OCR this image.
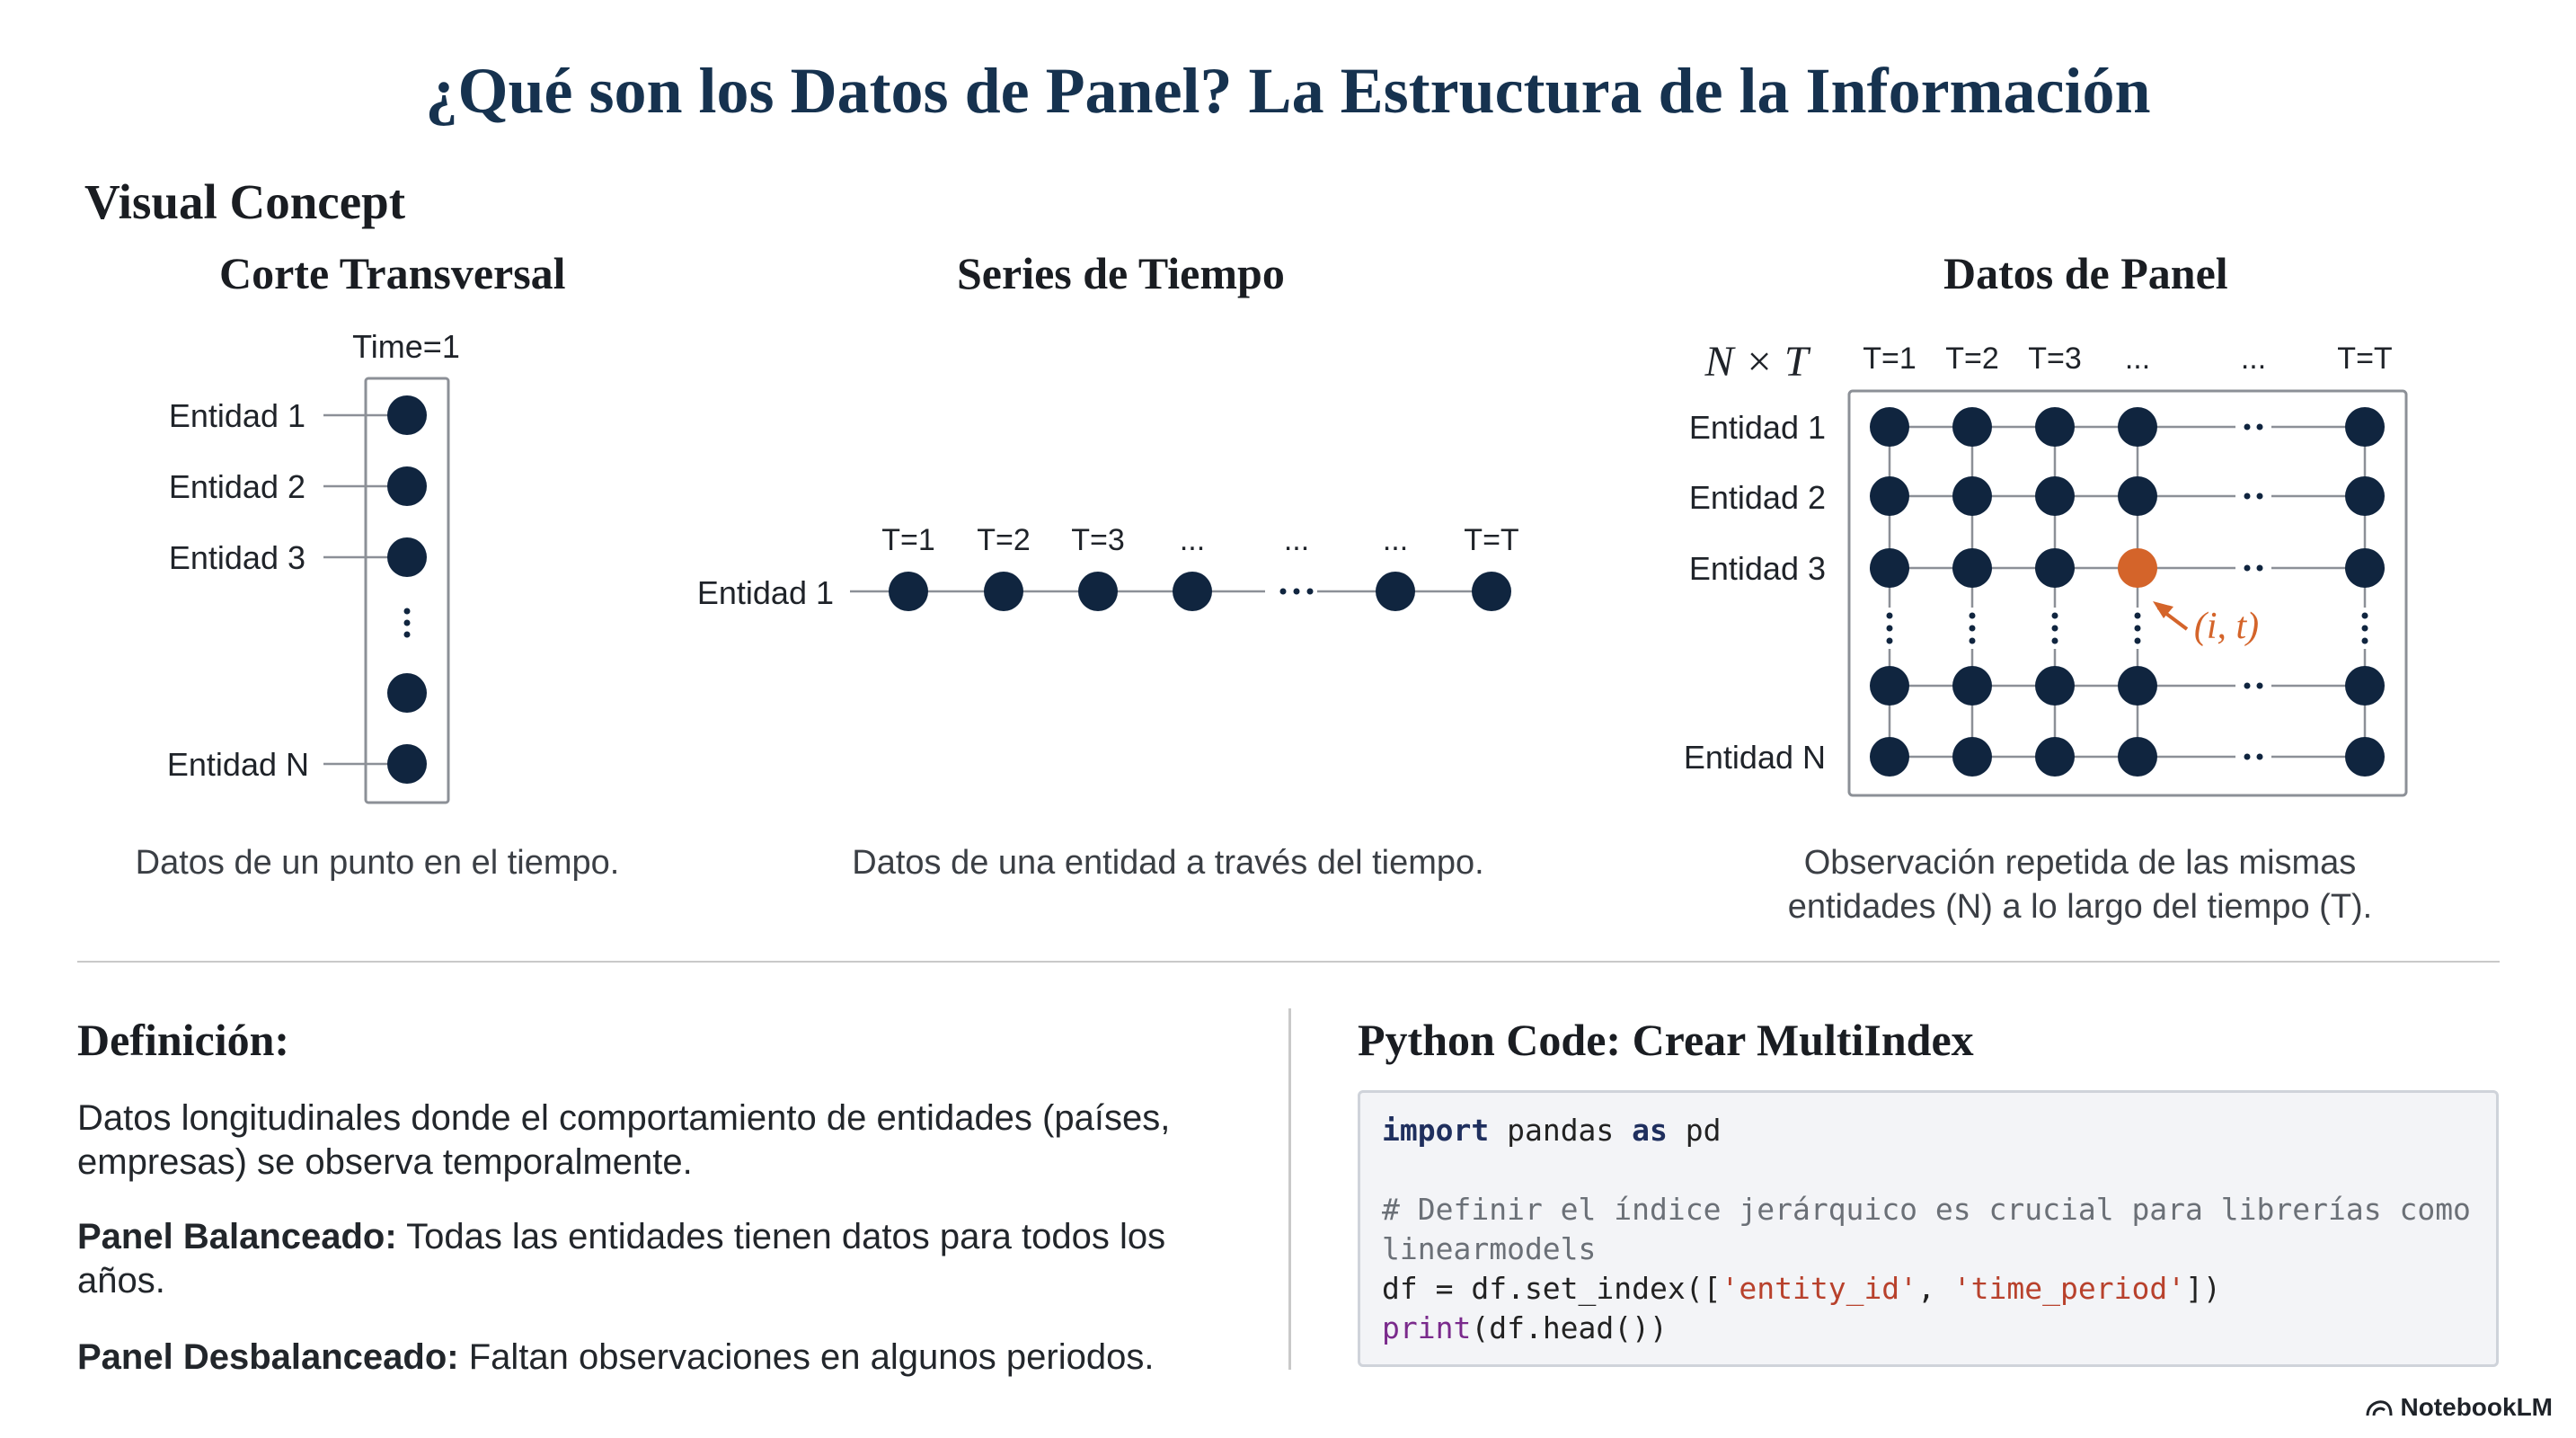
¿Qué son los Datos de Panel? La Estructura de la Información
Visual Concept
Corte Transversal	Series de Tiempo	Datos de Panel
Time=1
Entidad 1
Entidad 2
Entidad 3
Entidad N
Entidad 1
T=1 T=2 T=3 ...	... ... T=T
N × T T=1 T=2 T=3 ...	... T=T
Entidad 1
Entidad 2
Entidad 3
Entidad N
(i, t)
Datos de un punto en el tiempo.	Datos de una entidad a través del tiempo.	Observación repetida de las mismas
entidades (N) a lo largo del tiempo (T).
Definición:
Datos longitudinales donde el comportamiento de entidades (países, empresas) se observa temporalmente.
Panel Balanceado: Todas las entidades tienen datos para todos los años.
Panel Desbalanceado: Faltan observaciones en algunos periodos.
Python Code: Crear MultiIndex
import pandas as pd
# Definir el índice jerárquico es crucial para librerías como
linearmodels
df = df.set_index(['entity_id', 'time_period'])
print(df.head())
NotebookLM
